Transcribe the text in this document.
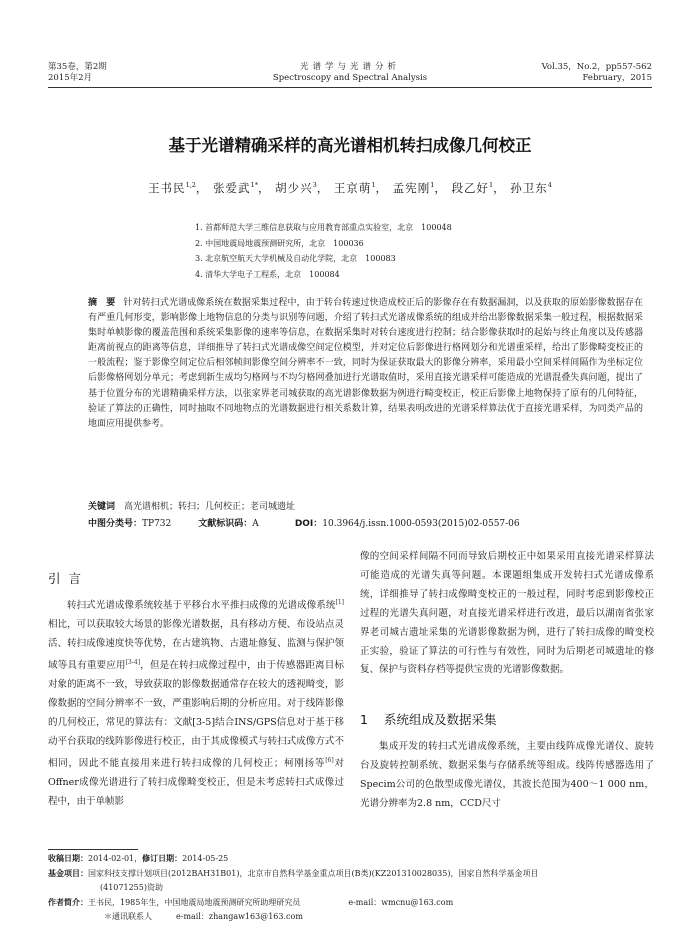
第35卷，第2期
2015年2月
光谱学与光谱分析
Spectroscopy and Spectral Analysis
Vol.35，No.2，pp557-562
February，2015
基于光谱精确采样的高光谱相机转扫成像几何校正
王书民$^{1,2}$， 张爱武$^{1*}$， 胡少兴$^3$， 王京萌$^1$， 孟宪刚$^1$， 段乙好$^1$， 孙卫东$^4$
1. 首都师范大学三维信息获取与应用教育部重点实验室，北京　100048
2. 中国地震局地震预测研究所，北京　100036
3. 北京航空航天大学机械及自动化学院，北京　100083
4. 清华大学电子工程系，北京　100084
摘　要 针对转扫式光谱成像系统在数据采集过程中，由于转台转速过快造成校正后的影像存在有数据漏洞，以及获取的原始影像数据存在有严重几何形变，影响影像上地物信息的分类与识别等问题，介绍了转扫式光谱成像系统的组成并给出影像数据采集一般过程，根据数据采集时单帧影像的覆盖范围和系统采集影像的速率等信息，在数据采集时对转台速度进行控制；结合影像获取时的起始与终止角度以及传感器距离前视点的距离等信息，详细推导了转扫式光谱成像空间定位模型，并对定位后影像进行格网划分和光谱重采样，给出了影像畸变校正的一般流程；鉴于影像空间定位后相邻帧间影像空间分辨率不一致，同时为保证获取最大的影像分辨率，采用最小空间采样间隔作为坐标定位后影像格网划分单元；考虑到新生成均匀格网与不均匀格网叠加进行光谱取值时，采用直接光谱采样可能造成的光谱混叠失真问题，提出了基于位置分布的光谱精确采样方法，以张家界老司城获取的高光谱影像数据为例进行畸变校正，校正后影像上地物保持了原有的几何特征，验证了算法的正确性，同时抽取不同地物点的光谱数据进行相关系数计算，结果表明改进的光谱采样算法优于直接光谱采样，为同类产品的地面应用提供参考。
关键词　 高光谱相机；转扫；几何校正；老司城遗址
中图分类号：TP732　　　	文献标识码：A　　　　	DOI：10.3964/j.issn.1000-0593(2015)02-0557-06
引言

转扫式光谱成像系统较基于平移台水平推扫成像的光谱成像系统[1]相比，可以获取较大场景的影像光谱数据，具有移动方便、布设站点灵活、转扫成像速度快等优势，在古建筑物、古遗址修复、监测与保护领域等具有重要应用[3-4]，但是在转扫成像过程中，由于传感器距离目标对象的距离不一致，导致获取的影像数据通常存在较大的透视畸变，影像数据的空间分辨率不一致，严重影响后期的分析应用。对于线阵影像的几何校正，常见的算法有：文献[3-5]结合INS/GPS信息对于基于移动平台获取的线阵影像进行校正，由于其成像模式与转扫式成像方式不相同，因此不能直接用来进行转扫成像的几何校正；柯刚扬等[6]对Offner成像光谱进行了转扫成像畸变校正，但是未考虑转扫式成像过程中，由于单帧影

像的空间采样间隔不同而导致后期校正中如果采用直接光谱采样算法可能造成的光谱失真等问题。本课题组集成开发转扫式光谱成像系统，详细推导了转扫成像畸变校正的一般过程，同时考虑到影像校正过程的光谱失真问题，对直接光谱采样进行改进，最后以湖南省张家界老司城古遗址采集的光谱影像数据为例，进行了转扫成像的畸变校正实验，验证了算法的可行性与有效性，同时为后期老司城遗址的修复、保护与资料存档等提供宝贵的光谱影像数据。

1 系统组成及数据采集

集成开发的转扫式光谱成像系统，主要由线阵成像光谱仪、旋转台及旋转控制系统、数据采集与存储系统等组成。线阵传感器选用了Specim公司的色散型成像光谱仪，其波长范围为400～1 000 nm，光谱分辨率为2.8 nm，CCD尺寸

收稿日期：2014-02-01，修订日期：2014-05-25
基金项目：国家科技支撑计划项目(2012BAH31B01)，北京市自然科学基金重点项目(B类)(KZ201310028035)，国家自然科学基金项目
(41071255)资助
作者简介：王书民，1985年生，中国地震局地震预测研究所助理研究员　　　　　　	e-mail：wmcnu@163.com
＊通讯联系人　　　	e-mail：zhangaw163@163.com
